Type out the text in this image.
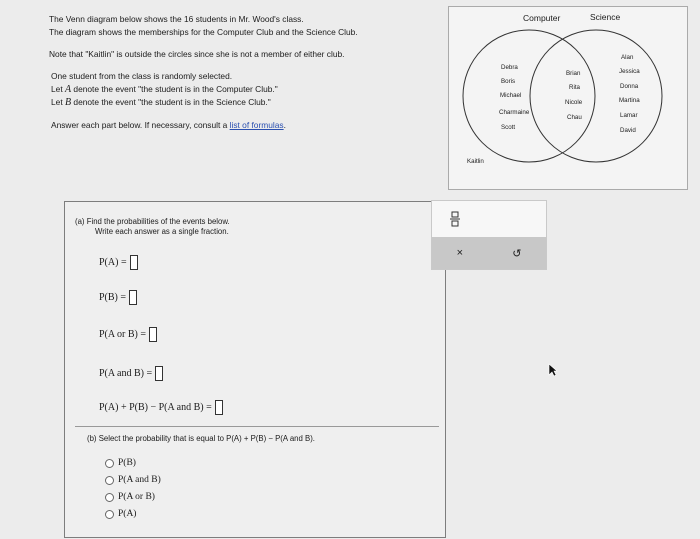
The Venn diagram below shows the 16 students in Mr. Wood's class.
The diagram shows the memberships for the Computer Club and the Science Club.
Note that "Kaitlin" is outside the circles since she is not a member of either club.
One student from the class is randomly selected.
Let A denote the event "the student is in the Computer Club."
Let B denote the event "the student is in the Science Club."
Answer each part below. If necessary, consult a list of formulas.
Computer	Science
Debra
Boris
Michael
Charmaine
Scott
Brian
Rita
Nicole
Chau
Alan
Jessica
Donna
Martina
Lamar
David
Kaitlin
(a) Find the probabilities of the events below.
Write each answer as a single fraction.
P(A) =
P(B) =
P(A or B) =
P(A and B) =
P(A) + P(B) − P(A and B) =
(b) Select the probability that is equal to P(A) + P(B) − P(A and B).
P(B)
P(A and B)
P(A or B)
P(A)
×	↺
